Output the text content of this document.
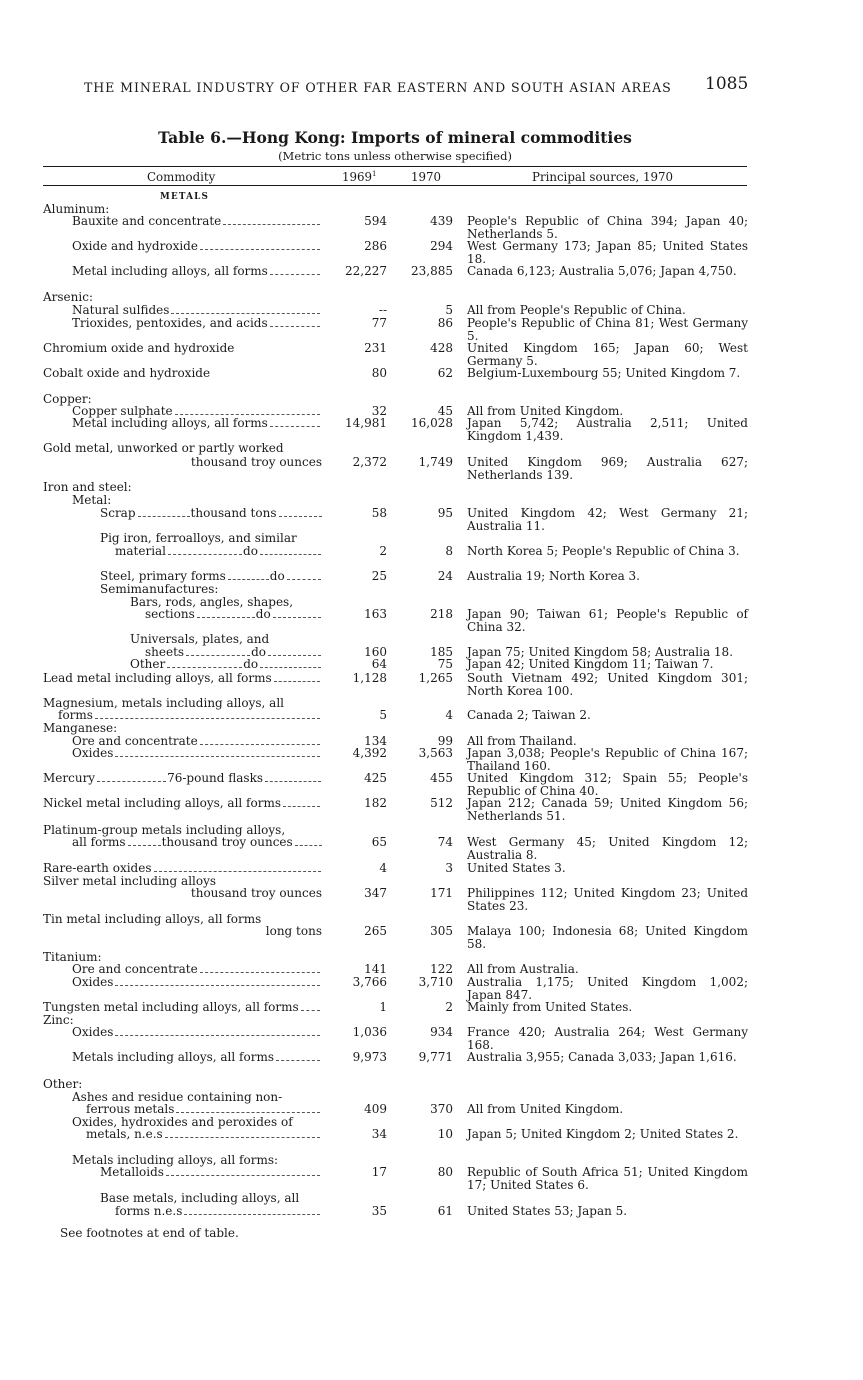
THE MINERAL INDUSTRY OF OTHER FAR EASTERN AND SOUTH ASIAN AREAS 1085
Table 6.—Hong Kong: Imports of mineral commodities
(Metric tons unless otherwise specified)
Commodity	1969$^1$	1970	Principal sources, 1970
METALS
Aluminum:
Bauxite and concentrate	594	439 People's Republic of China 394; Japan 40; Netherlands 5.
Oxide and hydroxide	286	294 West Germany 173; Japan 85; United States 18.
Metal including alloys, all forms	22,227 23,885 Canada 6,123; Australia 5,076; Japan 4,750.
Arsenic:
Natural sulfides	--	5 All from People's Republic of China.
Trioxides, pentoxides, and acids	77	86 People's Republic of China 81; West Germany 5.
Chromium oxide and hydroxide	231	428 United Kingdom 165; Japan 60; West Germany 5.
Cobalt oxide and hydroxide	80	62 Belgium-Luxembourg 55; United Kingdom 7.
Copper:
Copper sulphate	32	45 All from United Kingdom.
Metal including alloys, all forms	14,981 16,028 Japan 5,742; Australia 2,511; United Kingdom 1,439.
Gold metal, unworked or partly worked
thousand troy ounces	2,372	1,749 United Kingdom 969; Australia 627; Netherlands 139.
Iron and steel:
Metal:
Scrap	thousand tons	58	95 United Kingdom 42; West Germany 21; Australia 11.
Pig iron, ferroalloys, and similar
material	do	2	8 North Korea 5; People's Republic of China 3.
Steel, primary forms	do	25	24 Australia 19; North Korea 3.
Semimanufactures:
Bars, rods, angles, shapes,
sections	do	163	218 Japan 90; Taiwan 61; People's Republic of China 32.
Universals, plates, and
sheets	do	160	185 Japan 75; United Kingdom 58; Australia 18.
Other	do	64	75 Japan 42; United Kingdom 11; Taiwan 7.
Lead metal including alloys, all forms	1,128	1,265 South Vietnam 492; United Kingdom 301; North Korea 100.
Magnesium, metals including alloys, all
forms	5	4 Canada 2; Taiwan 2.
Manganese:
Ore and concentrate	134	99 All from Thailand.
Oxides	4,392	3,563 Japan 3,038; People's Republic of China 167; Thailand 160.
Mercury	76-pound flasks	425	455 United Kingdom 312; Spain 55; People's Republic of China 40.
Nickel metal including alloys, all forms	182	512 Japan 212; Canada 59; United Kingdom 56; Netherlands 51.
Platinum-group metals including alloys,
all forms	thousand troy ounces	65	74 West Germany 45; United Kingdom 12; Australia 8.
Rare-earth oxides	4	3 United States 3.
Silver metal including alloys
thousand troy ounces	347	171 Philippines 112; United Kingdom 23; United States 23.
Tin metal including alloys, all forms
long tons	265	305 Malaya 100; Indonesia 68; United Kingdom 58.
Titanium:
Ore and concentrate	141	122 All from Australia.
Oxides	3,766	3,710 Australia 1,175; United Kingdom 1,002; Japan 847.
Tungsten metal including alloys, all forms	1	2 Mainly from United States.
Zinc:
Oxides	1,036	934 France 420; Australia 264; West Germany 168.
Metals including alloys, all forms	9,973	9,771 Australia 3,955; Canada 3,033; Japan 1,616.
Other:
Ashes and residue containing non-
ferrous metals	409	370 All from United Kingdom.
Oxides, hydroxides and peroxides of
metals, n.e.s	34	10 Japan 5; United Kingdom 2; United States 2.
Metals including alloys, all forms:
Metalloids	17	80 Republic of South Africa 51; United Kingdom 17; United States 6.
Base metals, including alloys, all
forms n.e.s	35	61 United States 53; Japan 5.
See footnotes at end of table.
